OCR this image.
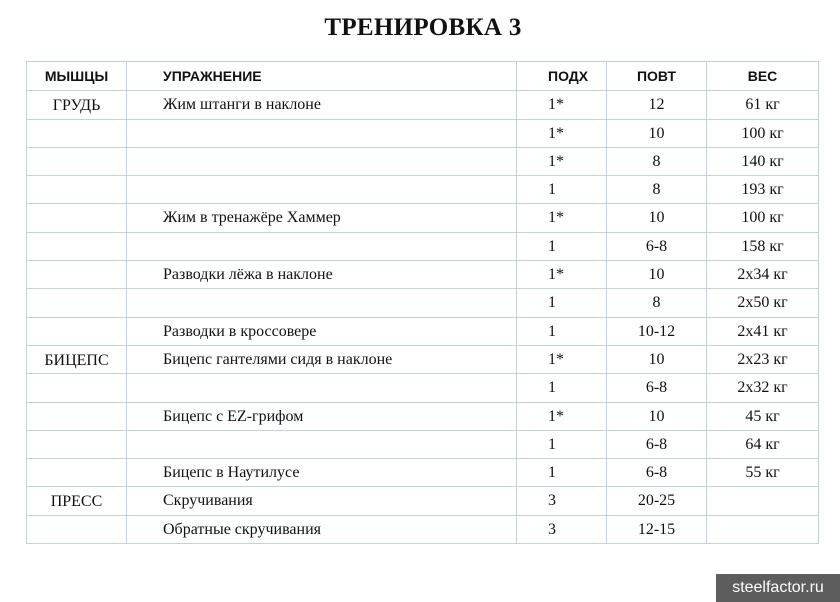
ТРЕНИРОВКА 3
МЫШЦЫ	УПРАЖНЕНИЕ	ПОДХ	ПОВТ	ВЕС
ГРУДЬ	Жим штанги в наклоне	1*	12	61 кг
		1*	10	100 кг
		1*	8	140 кг
		1	8	193 кг
	Жим в тренажёре Хаммер	1*	10	100 кг
		1	6-8	158 кг
	Разводки лёжа в наклоне	1*	10	2x34 кг
		1	8	2x50 кг
	Разводки в кроссовере	1	10-12	2x41 кг
БИЦЕПС	Бицепс гантелями сидя в наклоне	1*	10	2x23 кг
		1	6-8	2x32 кг
	Бицепс с EZ-грифом	1*	10	45 кг
		1	6-8	64 кг
	Бицепс в Наутилусе	1	6-8	55 кг
ПРЕСС	Скручивания	3	20-25	
	Обратные скручивания	3	12-15	
steelfactor.ru
